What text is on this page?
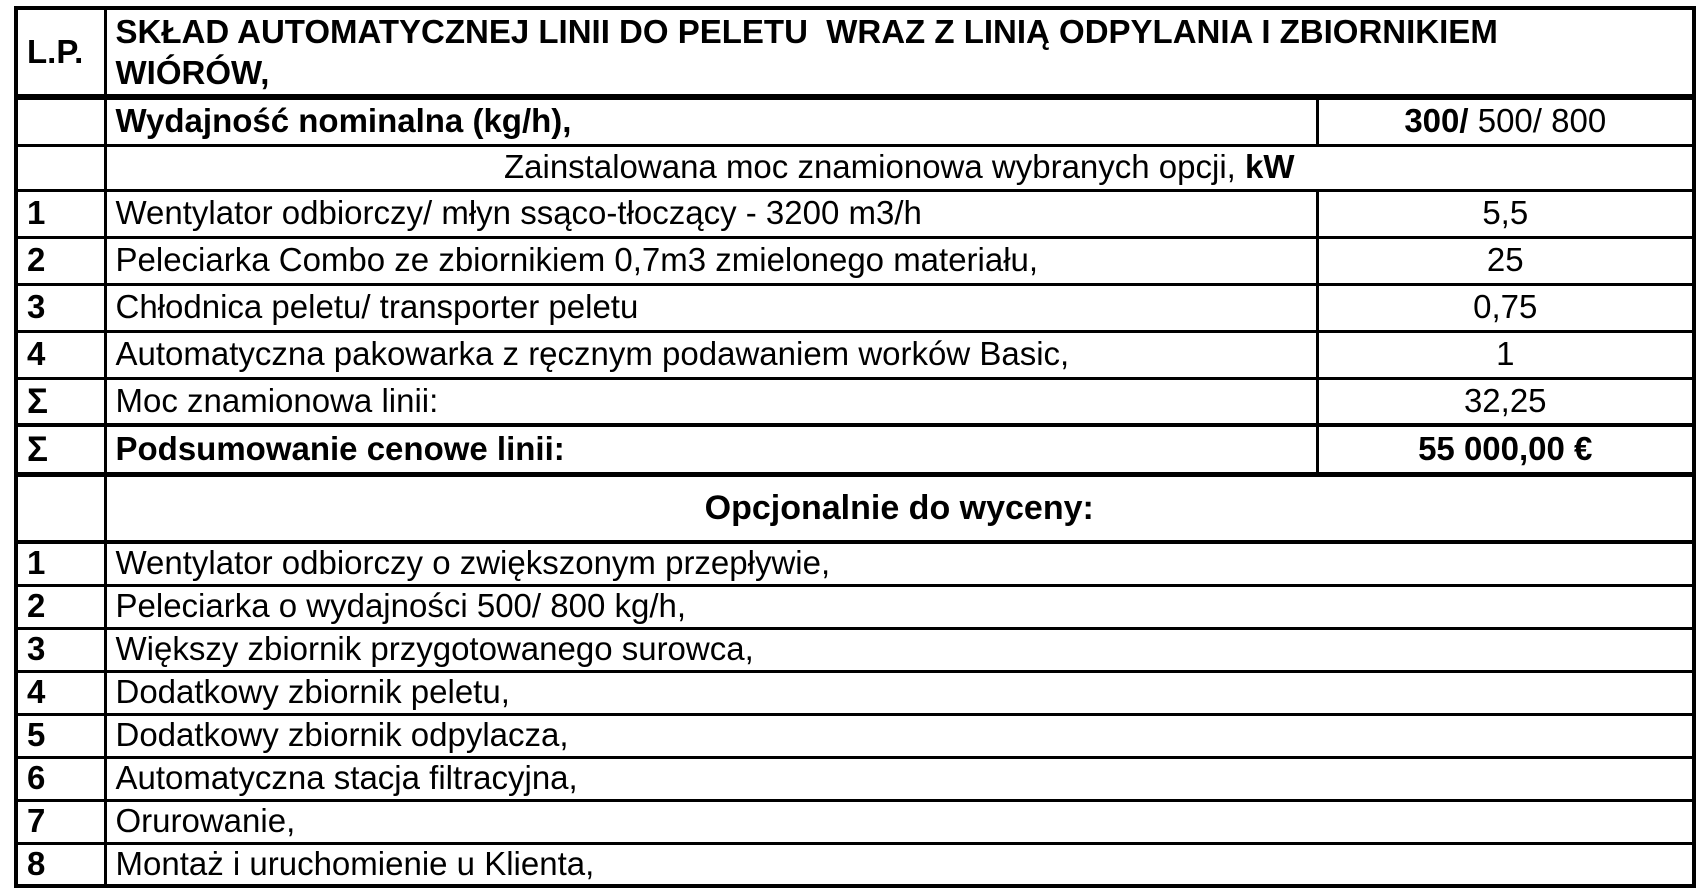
L.P.	SKŁAD AUTOMATYCZNEJ LINII DO PELETU  WRAZ Z LINIĄ ODPYLANIA I ZBIORNIKIEM
WIÓRÓW,	

	Wydajność nominalna (kg/h),	300/ 500/ 800
	Zainstalowana moc znamionowa wybranych opcji, kW	
1	Wentylator odbiorczy/ młyn ssąco-tłoczący - 3200 m3/h	5,5
2	Peleciarka Combo ze zbiornikiem 0,7m3 zmielonego materiału,	25
3	Chłodnica peletu/ transporter peletu	0,75
4	Automatyczna pakowarka z ręcznym podawaniem worków Basic,	1
Σ	Moc znamionowa linii:	32,25
Σ	Podsumowanie cenowe linii:	55 000,00 €
	Opcjonalnie do wyceny:	
1	Wentylator odbiorczy o zwiększonym przepływie,	
2	Peleciarka o wydajności 500/ 800 kg/h,	
3	Większy zbiornik przygotowanego surowca,	
4	Dodatkowy zbiornik peletu,	
5	Dodatkowy zbiornik odpylacza,	
6	Automatyczna stacja filtracyjna,	
7	Orurowanie,	
8	Montaż i uruchomienie u Klienta,	
